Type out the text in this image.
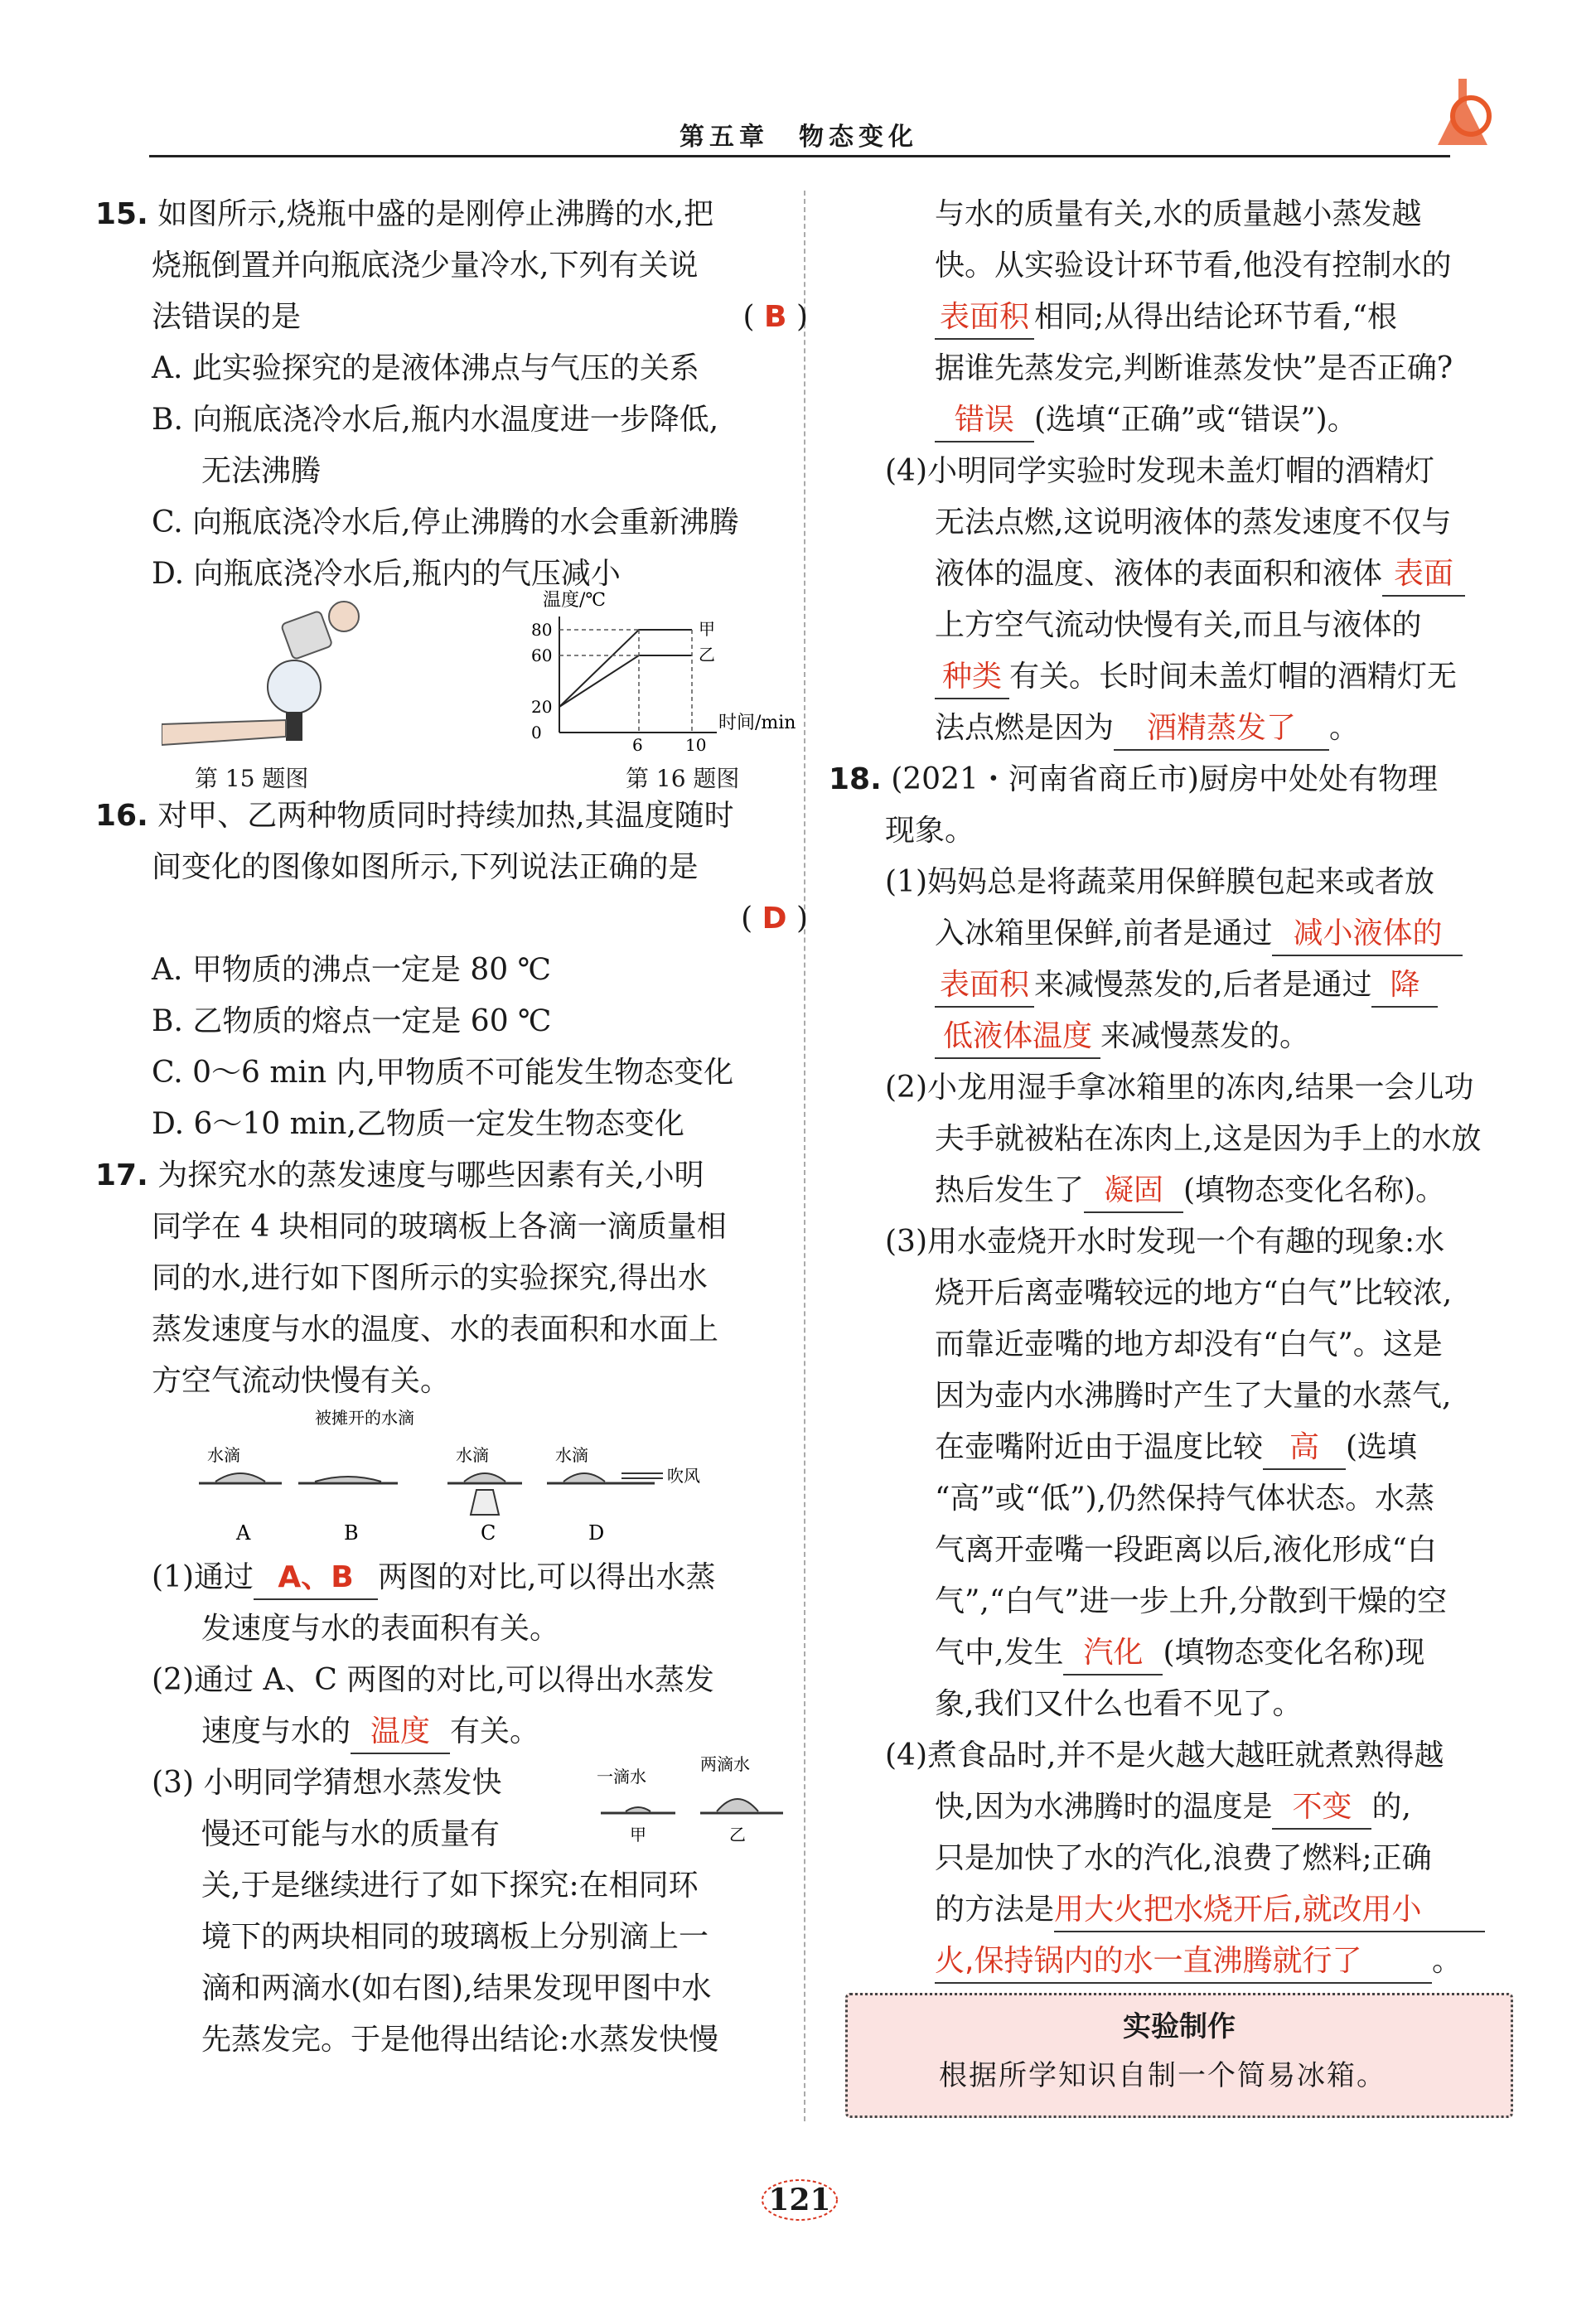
第五章　物态变化

15. 如图所示,烧瓶中盛的是刚停止沸腾的水,把

烧瓶倒置并向瓶底浇少量冷水,下列有关说

法错误的是	( B )

A. 此实验探究的是液体沸点与气压的关系

B. 向瓶底浇冷水后,瓶内水温度进一步降低,

无法沸腾

C. 向瓶底浇冷水后,停止沸腾的水会重新沸腾

D. 向瓶底浇冷水后,瓶内的气压减小

第 15 题图
温度/℃
时间/min
甲
乙
80
60
20
0
6	10
第 16 题图

16. 对甲、乙两种物质同时持续加热,其温度随时

间变化的图像如图所示,下列说法正确的是

( D )

A. 甲物质的沸点一定是 80 ℃

B. 乙物质的熔点一定是 60 ℃

C. 0～6 min 内,甲物质不可能发生物态变化

D. 6～10 min,乙物质一定发生物态变化

17. 为探究水的蒸发速度与哪些因素有关,小明

同学在 4 块相同的玻璃板上各滴一滴质量相

同的水,进行如下图所示的实验探究,得出水

蒸发速度与水的温度、水的表面积和水面上

方空气流动快慢有关。

水滴
被摊开的水滴
水滴	水滴
吹风
A	B	C	D

(1)通过 A、B 两图的对比,可以得出水蒸

发速度与水的表面积有关。

(2)通过 A、C 两图的对比,可以得出水蒸发

速度与水的 温度 有关。

(3) 小明同学猜想水蒸发快

慢还可能与水的质量有

一滴水
两滴水
甲	乙

关,于是继续进行了如下探究:在相同环

境下的两块相同的玻璃板上分别滴上一

滴和两滴水(如右图),结果发现甲图中水

先蒸发完。于是他得出结论:水蒸发快慢

与水的质量有关,水的质量越小蒸发越

快。从实验设计环节看,他没有控制水的

表面积 相同;从得出结论环节看,“根

据谁先蒸发完,判断谁蒸发快”是否正确?

错误 (选填“正确”或“错误”)。

(4)小明同学实验时发现未盖灯帽的酒精灯

无法点燃,这说明液体的蒸发速度不仅与

液体的温度、液体的表面积和液体 表面

上方空气流动快慢有关,而且与液体的

种类 有关。长时间未盖灯帽的酒精灯无

法点燃是因为 酒精蒸发了 。

18. (2021・河南省商丘市)厨房中处处有物理

现象。

(1)妈妈总是将蔬菜用保鲜膜包起来或者放

入冰箱里保鲜,前者是通过 减小液体的

表面积 来减慢蒸发的,后者是通过 降

低液体温度 来减慢蒸发的。

(2)小龙用湿手拿冰箱里的冻肉,结果一会儿功

夫手就被粘在冻肉上,这是因为手上的水放

热后发生了 凝固 (填物态变化名称)。

(3)用水壶烧开水时发现一个有趣的现象:水

烧开后离壶嘴较远的地方“白气”比较浓,

而靠近壶嘴的地方却没有“白气”。这是

因为壶内水沸腾时产生了大量的水蒸气,

在壶嘴附近由于温度比较 高 (选填

“高”或“低”),仍然保持气体状态。水蒸

气离开壶嘴一段距离以后,液化形成“白

气”,“白气”进一步上升,分散到干燥的空

气中,发生 汽化 (填物态变化名称)现

象,我们又什么也看不见了。

(4)煮食品时,并不是火越大越旺就煮熟得越

快,因为水沸腾时的温度是 不变 的,

只是加快了水的汽化,浪费了燃料;正确

的方法是用大火把水烧开后,就改用小

火,保持锅内的水一直沸腾就行了 。

实验制作
根据所学知识自制一个简易冰箱。
121
